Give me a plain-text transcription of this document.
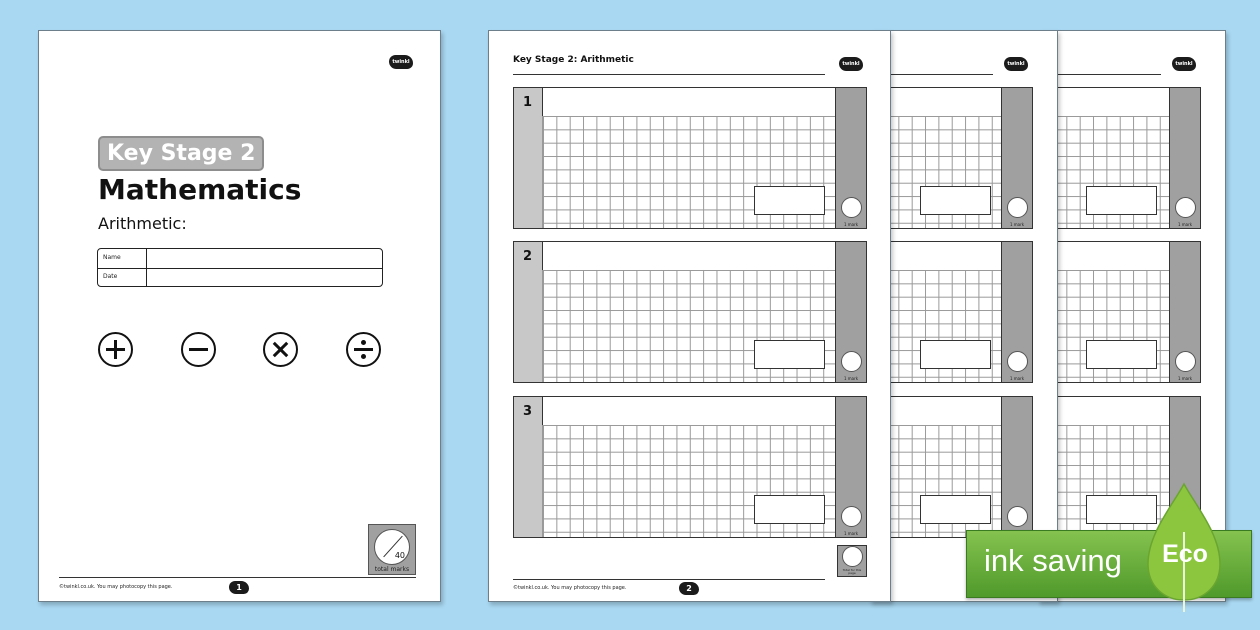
twinkl
1 mark
1 mark
twinkl
1 mark
1 mark
Key Stage 2: Arithmetic	twinkl
1
1 mark
2
1 mark
3
1 mark
Total for this page
©twinkl.co.uk. You may photocopy this page.	2
twinkl
Key Stage 2
Mathematics
Arithmetic:
Name
Date
40
total marks
©twinkl.co.uk. You may photocopy this page.	1
ink saving Eco
